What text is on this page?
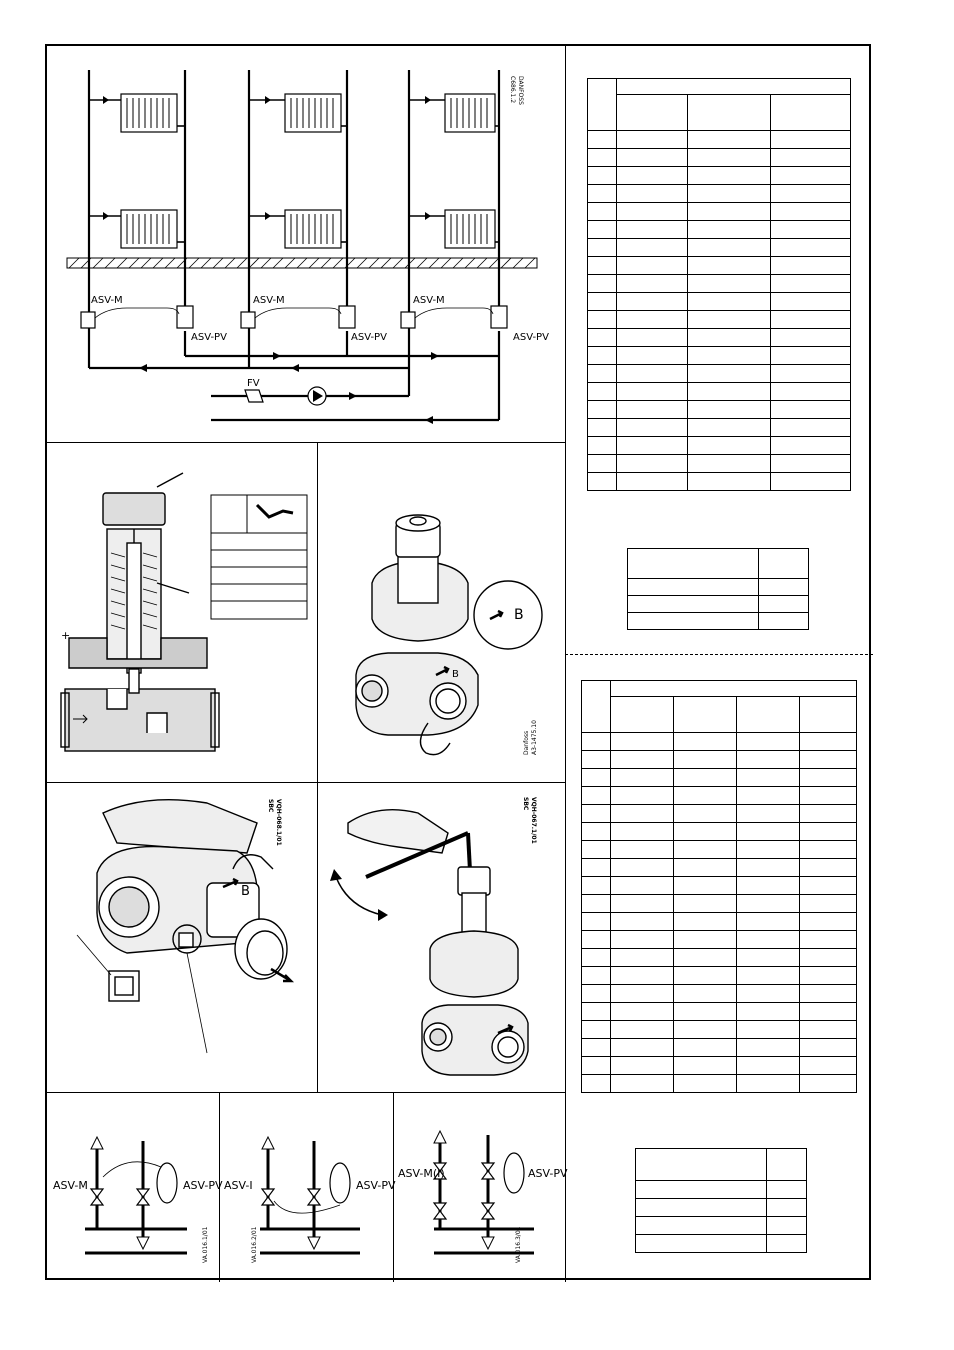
ASV-M	ASV-M	ASV-M
ASV-PV	ASV-PV	ASV-PV
FV
C686.1.2 DANFOSS

+
B
B
Danfoss A3-1475.10
B
SBC VQH-068.1/01	SBC VQH-067.1/01
ASV-M	ASV-PV
VA.016.1/01
ASV-I	ASV-PV
VA.016.2/01
ASV-M(I)	ASV-PV
VA.016.3/01
